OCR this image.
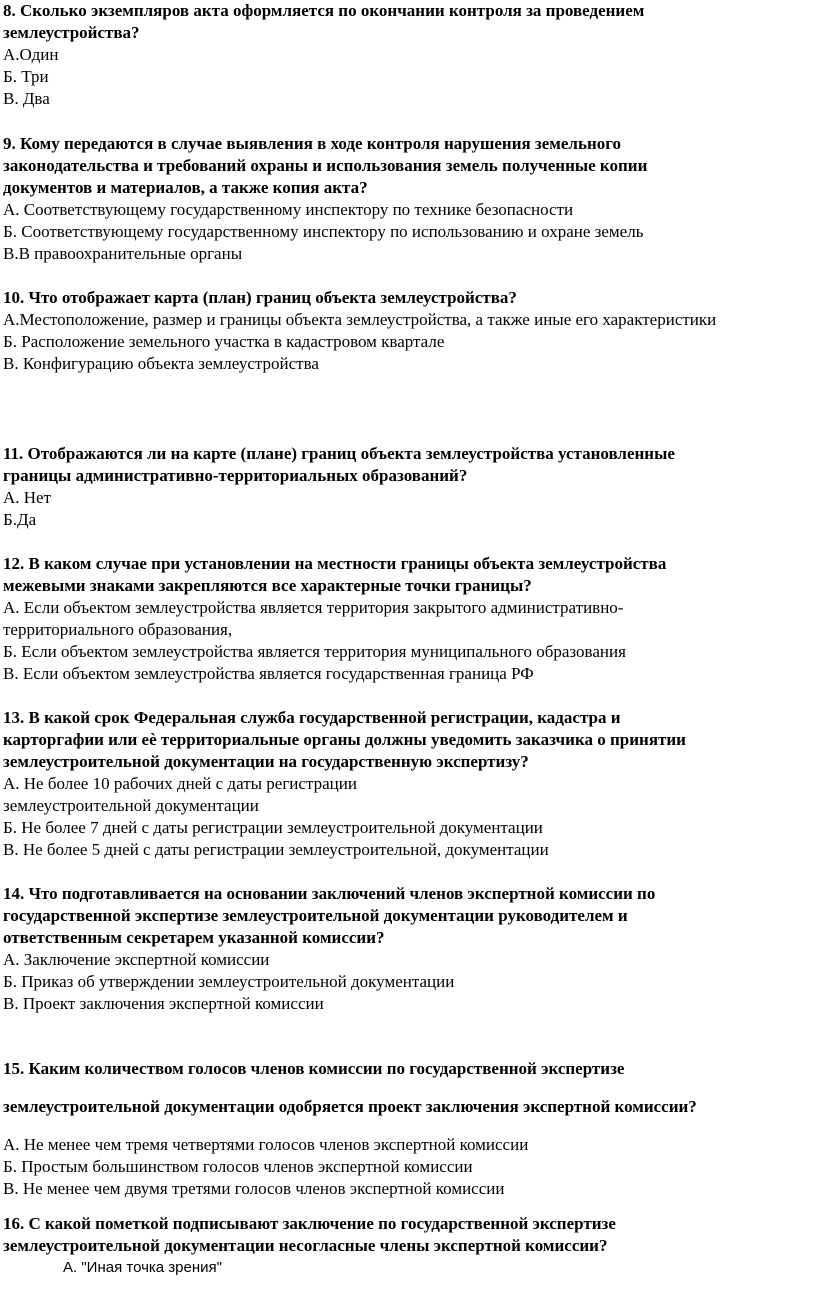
8. Сколько экземпляров акта оформляется по окончании контроля за проведением
землеустройства?
А.Один
Б. Три
В. Два
9. Кому передаются в случае выявления в ходе контроля нарушения земельного
законодательства и требований охраны и использования земель полученные копии
документов и материалов, а также копия акта?
А. Соответствующему государственному инспектору по технике безопасности
Б. Соответствующему государственному инспектору по использованию и охране земель
В.В правоохранительные органы
10. Что отображает карта (план) границ объекта землеустройства?
А.Местоположение, размер и границы объекта землеустройства, а также иные его характеристики
Б. Расположение земельного участка в кадастровом квартале
В. Конфигурацию объекта землеустройства
11. Отображаются ли на карте (плане) границ объекта землеустройства установленные
границы административно-территориальных образований?
А. Нет
Б.Да
12. В каком случае при установлении на местности границы объекта землеустройства
межевыми знаками закрепляются все характерные точки границы?
А. Если объектом землеустройства является территория закрытого административно-
территориального образования,
Б. Если объектом землеустройства является территория муниципального образования
В. Если объектом землеустройства является государственная граница РФ
13. В какой срок Федеральная служба государственной регистрации, кадастра и
карторгафии или еѐ территориальные органы должны уведомить заказчика о принятии
землеустроительной документации на государственную экспертизу?
А. Не более 10 рабочих дней с даты регистрации
землеустроительной документации
Б. Не более 7 дней с даты регистрации землеустроительной документации
В. Не более 5 дней с даты регистрации землеустроительной, документации
14. Что подготавливается на основании заключений членов экспертной комиссии по
государственной экспертизе землеустроительной документации руководителем и
ответственным секретарем указанной комиссии?
А. Заключение экспертной комиссии
Б. Приказ об утверждении землеустроительной документации
В. Проект заключения экспертной комиссии
15. Каким количеством голосов членов комиссии по государственной экспертизе
землеустроительной документации одобряется проект заключения экспертной комиссии?
А. Не менее чем тремя четвертями голосов членов экспертной комиссии
Б. Простым большинством голосов членов экспертной комиссии
В. Не менее чем двумя третями голосов членов экспертной комиссии
16. С какой пометкой подписывают заключение по государственной экспертизе
землеустроительной документации несогласные члены экспертной комиссии?
А. "Иная точка зрения"
